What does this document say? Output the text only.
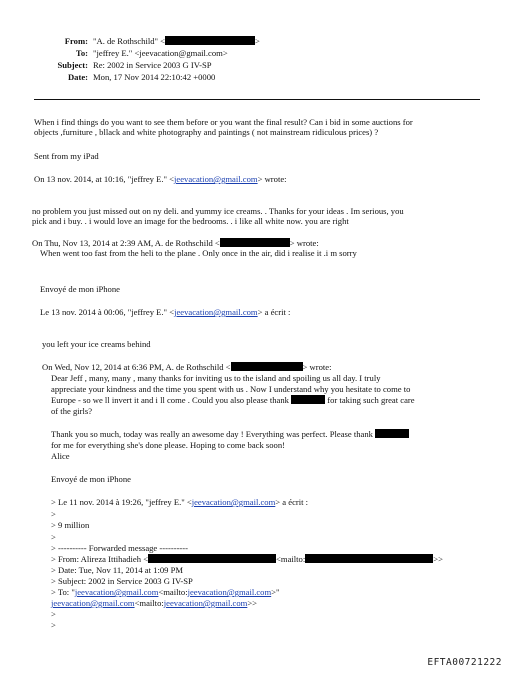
From: "A. de Rothschild" <	>
To: "jeffrey E." <jeevacation@gmail.com>
Subject: Re: 2002 in Service 2003 G IV-SP
Date: Mon, 17 Nov 2014 22:10:42 +0000
When i find things do you want to see them before or you want the final result? Can i bid in some auctions for
objects ,furniture , bllack and white photography and paintings ( not mainstream ridiculous prices) ?
Sent from my iPad
On 13 nov. 2014, at 10:16, "jeffrey E." <jeevacation@gmail.com> wrote:
no problem you just missed out on ny deli. and yummy ice creams. . Thanks for your ideas . Im serious, you
pick and i buy. . i would love an image for the bedrooms. . i like all white now. you are right
On Thu, Nov 13, 2014 at 2:39 AM, A. de Rothschild <	> wrote:
When went too fast from the heli to the plane . Only once in the air, did i realise it .i m sorry
Envoyé de mon iPhone
Le 13 nov. 2014 à 00:06, "jeffrey E." <jeevacation@gmail.com> a écrit :
you left your ice creams behind
On Wed, Nov 12, 2014 at 6:36 PM, A. de Rothschild <	> wrote:
Dear Jeff , many, many , many thanks for inviting us to the island and spoiling us all day. I truly
appreciate your kindness and the time you spent with us . Now I understand why you hesitate to come to
Europe - so we ll invert it and i ll come . Could you also please thank	for taking such great care
of the girls?
Thank you so much, today was really an awesome day ! Everything was perfect. Please thank
for me for everything she's done please. Hoping to come back soon!
Alice
Envoyé de mon iPhone
> Le 11 nov. 2014 à 19:26, "jeffrey E." <jeevacation@gmail.com> a écrit :
>
> 9 million
>
> ---------- Forwarded message ----------
> From: Alireza Ittihadieh <	<mailto:	>>
> Date: Tue, Nov 11, 2014 at 1:09 PM
> Subject: 2002 in Service 2003 G IV-SP
> To: "jeevacation@gmail.com<mailto:jeevacation@gmail.com>"
jeevacation@gmail.com<mailto:jeevacation@gmail.com>>
>
>
EFTA00721222
